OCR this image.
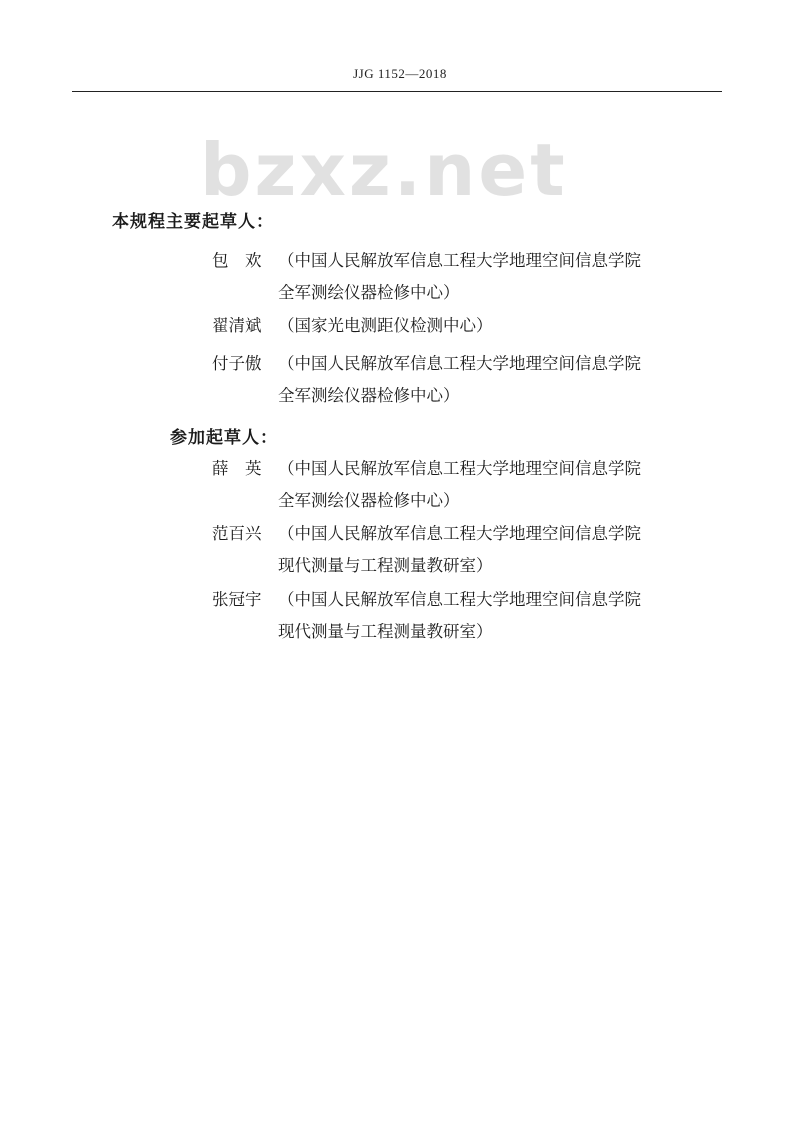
JJG 1152—2018
bzxz.net
本规程主要起草人：
包　欢 （中国人民解放军信息工程大学地理空间信息学院
全军测绘仪器检修中心）
翟清斌 （国家光电测距仪检测中心）
付子傲 （中国人民解放军信息工程大学地理空间信息学院
全军测绘仪器检修中心）
参加起草人：
薛　英 （中国人民解放军信息工程大学地理空间信息学院
全军测绘仪器检修中心）
范百兴 （中国人民解放军信息工程大学地理空间信息学院
现代测量与工程测量教研室）
张冠宇 （中国人民解放军信息工程大学地理空间信息学院
现代测量与工程测量教研室）
